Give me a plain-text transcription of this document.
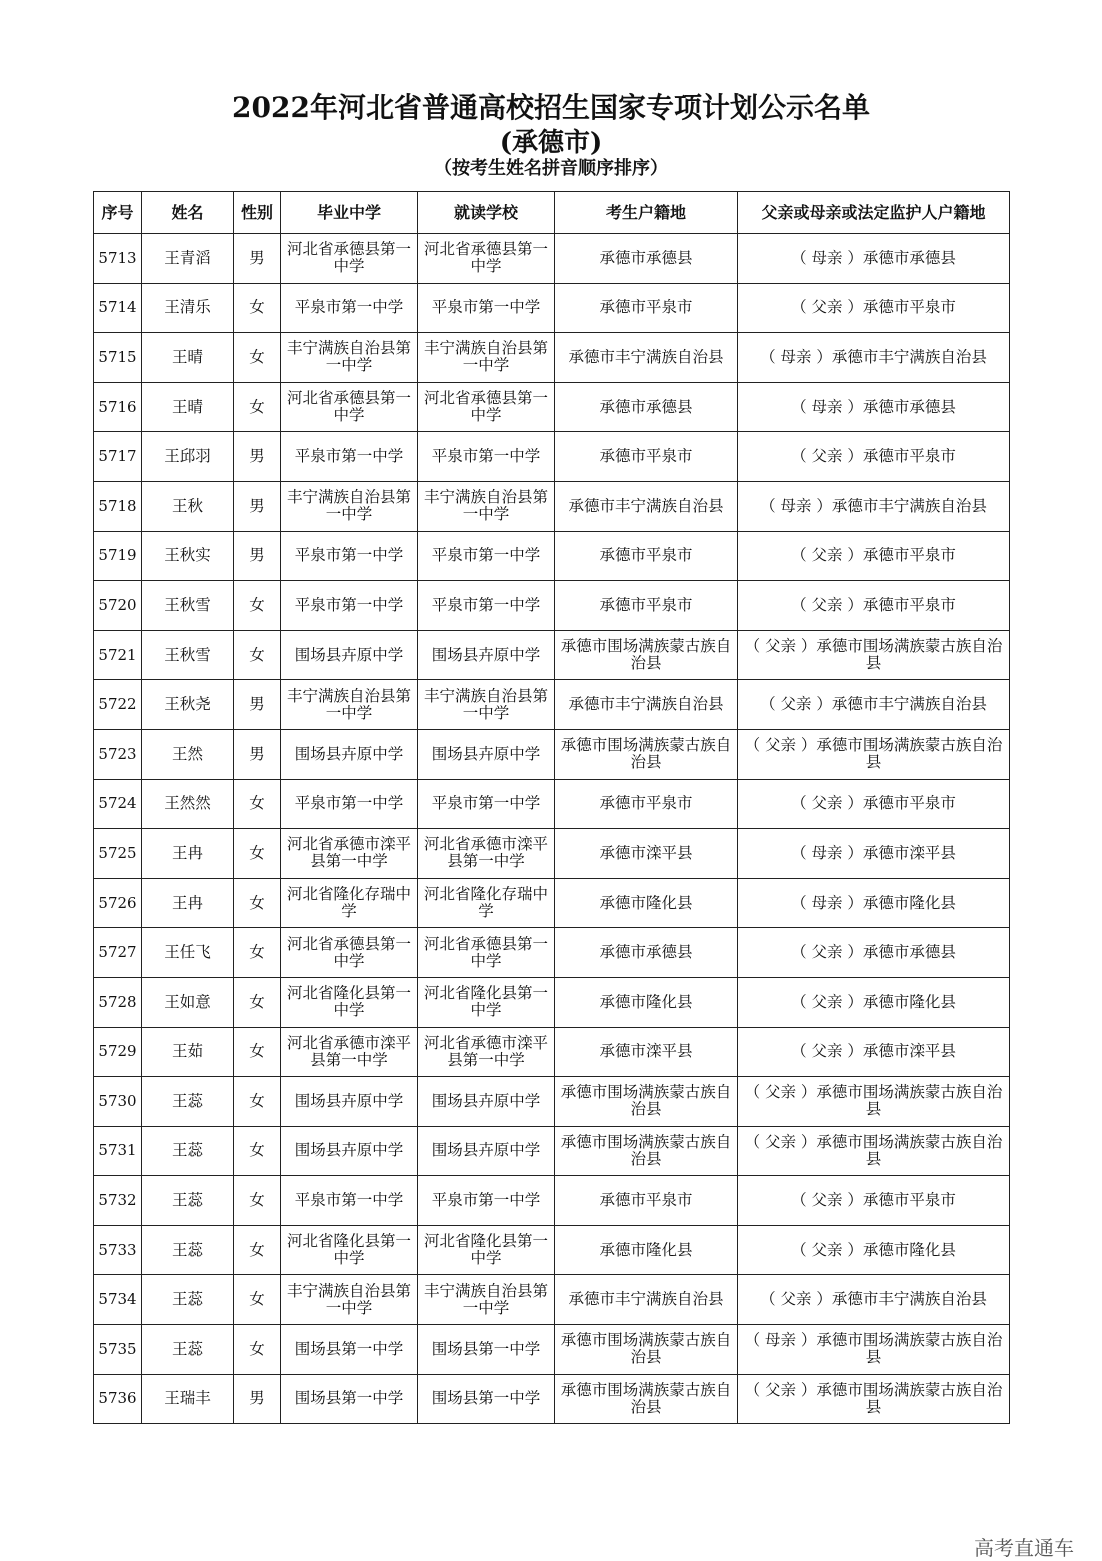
2022年河北省普通高校招生国家专项计划公示名单
(承德市)
（按考生姓名拼音顺序排序）
序号	姓名	性别	毕业中学	就读学校	考生户籍地	父亲或母亲或法定监护人户籍地
5713	王青滔	男	河北省承德县第一中学	河北省承德县第一中学	承德市承德县	（ 母亲 ）承德市承德县
5714	王清乐	女	平泉市第一中学	平泉市第一中学	承德市平泉市	（ 父亲 ）承德市平泉市
5715	王晴	女	丰宁满族自治县第一中学	丰宁满族自治县第一中学	承德市丰宁满族自治县	（ 母亲 ）承德市丰宁满族自治县
5716	王晴	女	河北省承德县第一中学	河北省承德县第一中学	承德市承德县	（ 母亲 ）承德市承德县
5717	王邱羽	男	平泉市第一中学	平泉市第一中学	承德市平泉市	（ 父亲 ）承德市平泉市
5718	王秋	男	丰宁满族自治县第一中学	丰宁满族自治县第一中学	承德市丰宁满族自治县	（ 母亲 ）承德市丰宁满族自治县
5719	王秋实	男	平泉市第一中学	平泉市第一中学	承德市平泉市	（ 父亲 ）承德市平泉市
5720	王秋雪	女	平泉市第一中学	平泉市第一中学	承德市平泉市	（ 父亲 ）承德市平泉市
5721	王秋雪	女	围场县卉原中学	围场县卉原中学	承德市围场满族蒙古族自治县	（ 父亲 ）承德市围场满族蒙古族自治县
5722	王秋尧	男	丰宁满族自治县第一中学	丰宁满族自治县第一中学	承德市丰宁满族自治县	（ 父亲 ）承德市丰宁满族自治县
5723	王然	男	围场县卉原中学	围场县卉原中学	承德市围场满族蒙古族自治县	（ 父亲 ）承德市围场满族蒙古族自治县
5724	王然然	女	平泉市第一中学	平泉市第一中学	承德市平泉市	（ 父亲 ）承德市平泉市
5725	王冉	女	河北省承德市滦平县第一中学	河北省承德市滦平县第一中学	承德市滦平县	（ 母亲 ）承德市滦平县
5726	王冉	女	河北省隆化存瑞中学	河北省隆化存瑞中学	承德市隆化县	（ 母亲 ）承德市隆化县
5727	王任飞	女	河北省承德县第一中学	河北省承德县第一中学	承德市承德县	（ 父亲 ）承德市承德县
5728	王如意	女	河北省隆化县第一中学	河北省隆化县第一中学	承德市隆化县	（ 父亲 ）承德市隆化县
5729	王茹	女	河北省承德市滦平县第一中学	河北省承德市滦平县第一中学	承德市滦平县	（ 父亲 ）承德市滦平县
5730	王蕊	女	围场县卉原中学	围场县卉原中学	承德市围场满族蒙古族自治县	（ 父亲 ）承德市围场满族蒙古族自治县
5731	王蕊	女	围场县卉原中学	围场县卉原中学	承德市围场满族蒙古族自治县	（ 父亲 ）承德市围场满族蒙古族自治县
5732	王蕊	女	平泉市第一中学	平泉市第一中学	承德市平泉市	（ 父亲 ）承德市平泉市
5733	王蕊	女	河北省隆化县第一中学	河北省隆化县第一中学	承德市隆化县	（ 父亲 ）承德市隆化县
5734	王蕊	女	丰宁满族自治县第一中学	丰宁满族自治县第一中学	承德市丰宁满族自治县	（ 父亲 ）承德市丰宁满族自治县
5735	王蕊	女	围场县第一中学	围场县第一中学	承德市围场满族蒙古族自治县	（ 母亲 ）承德市围场满族蒙古族自治县
5736	王瑞丰	男	围场县第一中学	围场县第一中学	承德市围场满族蒙古族自治县	（ 父亲 ）承德市围场满族蒙古族自治县
高考直通车
